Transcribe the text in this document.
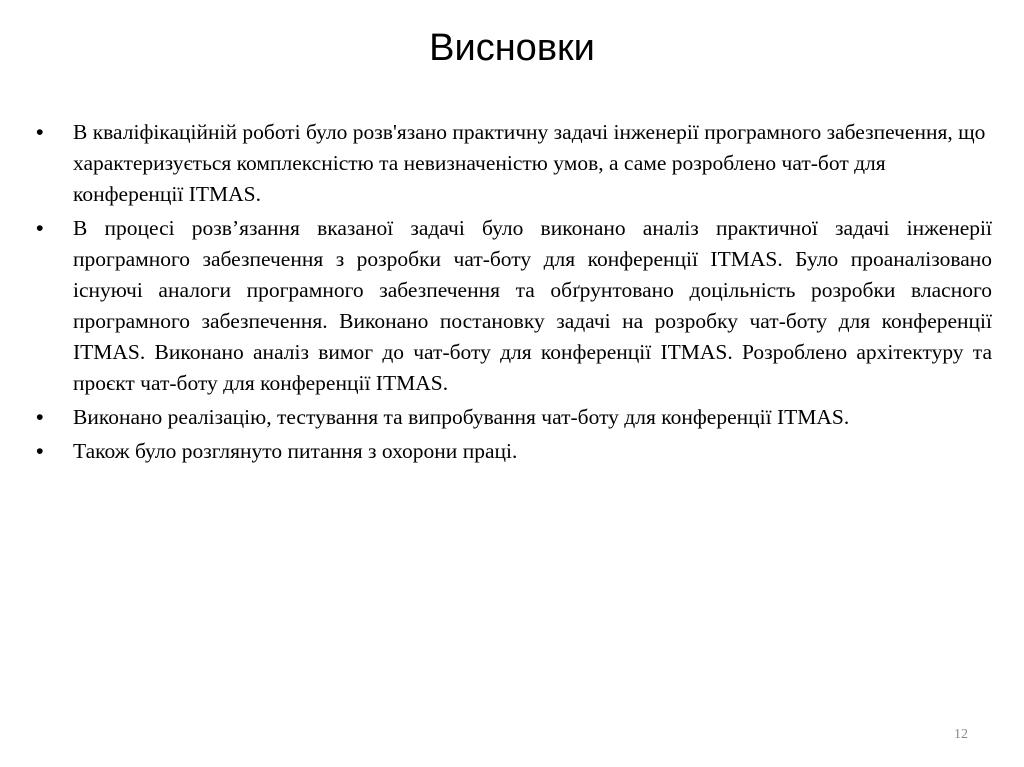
Висновки
•	В кваліфікаційній роботі було розв'язано практичну задачі інженерії програмного забезпечення, що характеризується комплексністю та невизначеністю умов, а саме розроблено чат-бот для конференції ITMAS.
•	В процесі розв’язання вказаної задачі було виконано аналіз практичної задачі інженерії програмного забезпечення з розробки чат-боту для конференції ITMAS. Було проаналізовано існуючі аналоги програмного забезпечення та обґрунтовано доцільність розробки власного програмного забезпечення. Виконано постановку задачі на розробку чат-боту для конференції ITMAS. Виконано аналіз вимог до чат-боту для конференції ITMAS. Розроблено архітектуру та проєкт чат-боту для конференції ITMAS.
•	Виконано реалізацію, тестування та випробування чат-боту для конференції ITMAS.
•	Також було розглянуто питання з охорони праці.
12
